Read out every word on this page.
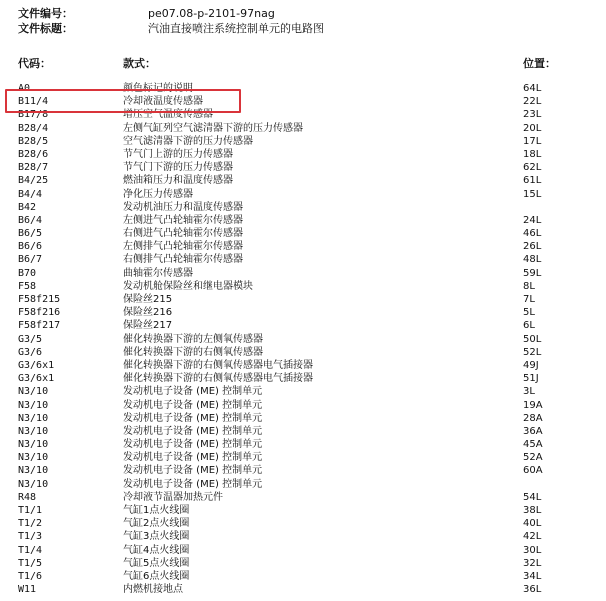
文件编号：	pe07.08-p-2101-97nag
文件标题：	汽油直接喷注系统控制单元的电路图
代码：	款式：	位置：
A0	颜色标记的说明	64L
B11/4	冷却液温度传感器	22L
B17/8	增压空气温度传感器	23L
B28/4	左侧气缸列空气滤清器下游的压力传感器	20L
B28/5	空气滤清器下游的压力传感器	17L
B28/6	节气门上游的压力传感器	18L
B28/7	节气门下游的压力传感器	62L
B4/25	燃油箱压力和温度传感器	61L
B4/4	净化压力传感器	15L
B42	发动机油压力和温度传感器
B6/4	左侧进气凸轮轴霍尔传感器	24L
B6/5	右侧进气凸轮轴霍尔传感器	46L
B6/6	左侧排气凸轮轴霍尔传感器	26L
B6/7	右侧排气凸轮轴霍尔传感器	48L
B70	曲轴霍尔传感器	59L
F58	发动机舱保险丝和继电器模块	8L
F58f215	保险丝215	7L
F58f216	保险丝216	5L
F58f217	保险丝217	6L
G3/5	催化转换器下游的左侧氧传感器	50L
G3/6	催化转换器下游的右侧氧传感器	52L
G3/6x1	催化转换器下游的右侧氧传感器电气插接器	49J
G3/6x1	催化转换器下游的右侧氧传感器电气插接器	51J
N3/10	发动机电子设备 (ME) 控制单元	3L
N3/10	发动机电子设备 (ME) 控制单元	19A
N3/10	发动机电子设备 (ME) 控制单元	28A
N3/10	发动机电子设备 (ME) 控制单元	36A
N3/10	发动机电子设备 (ME) 控制单元	45A
N3/10	发动机电子设备 (ME) 控制单元	52A
N3/10	发动机电子设备 (ME) 控制单元	60A
N3/10	发动机电子设备 (ME) 控制单元
R48	冷却液节温器加热元件	54L
T1/1	气缸1点火线圈	38L
T1/2	气缸2点火线圈	40L
T1/3	气缸3点火线圈	42L
T1/4	气缸4点火线圈	30L
T1/5	气缸5点火线圈	32L
T1/6	气缸6点火线圈	34L
W11	内燃机接地点	36L
